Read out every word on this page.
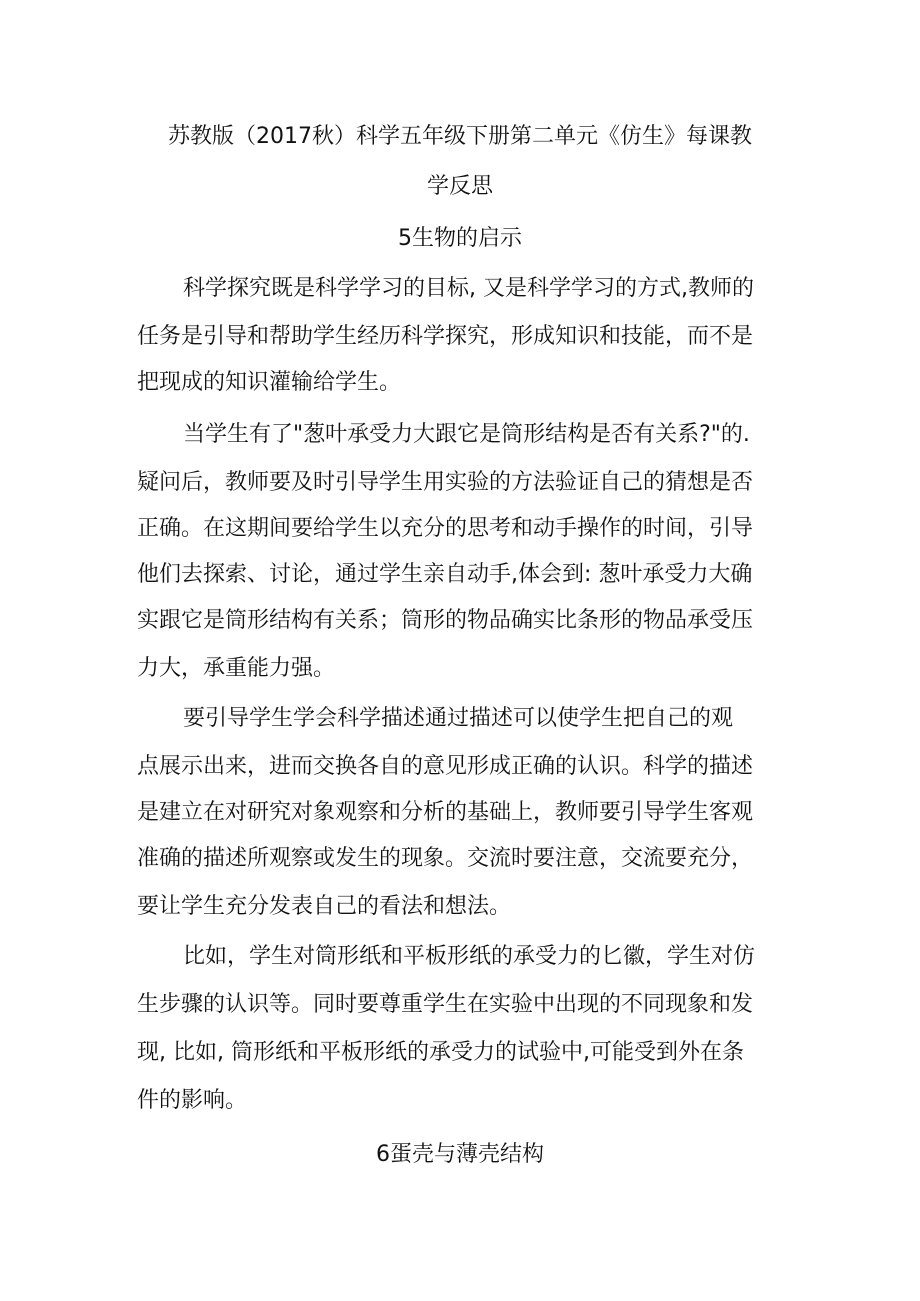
苏教版（2017秋）科学五年级下册第二单元《仿生》每课教
学反思
5生物的启示
科学探究既是科学学习的目标, 又是科学学习的方式,教师的
任务是引导和帮助学生经历科学探究，形成知识和技能，而不是
把现成的知识灌输给学生。
当学生有了"葱叶承受力大跟它是筒形结构是否有关系?"的.
疑问后，教师要及时引导学生用实验的方法验证自己的猜想是否
正确。在这期间要给学生以充分的思考和动手操作的时间，引导
他们去探索、讨论，通过学生亲自动手,体会到: 葱叶承受力大确
实跟它是筒形结构有关系；筒形的物品确实比条形的物品承受压
力大，承重能力强。
要引导学生学会科学描述通过描述可以使学生把自己的观
点展示出来，进而交换各自的意见形成正确的认识。科学的描述
是建立在对研究对象观察和分析的基础上，教师要引导学生客观
准确的描述所观察或发生的现象。交流时要注意，交流要充分，
要让学生充分发表自己的看法和想法。
比如，学生对筒形纸和平板形纸的承受力的匕徽，学生对仿
生步骤的认识等。同时要尊重学生在实验中出现的不同现象和发
现, 比如, 筒形纸和平板形纸的承受力的试验中,可能受到外在条
件的影响。
6蛋壳与薄壳结构
